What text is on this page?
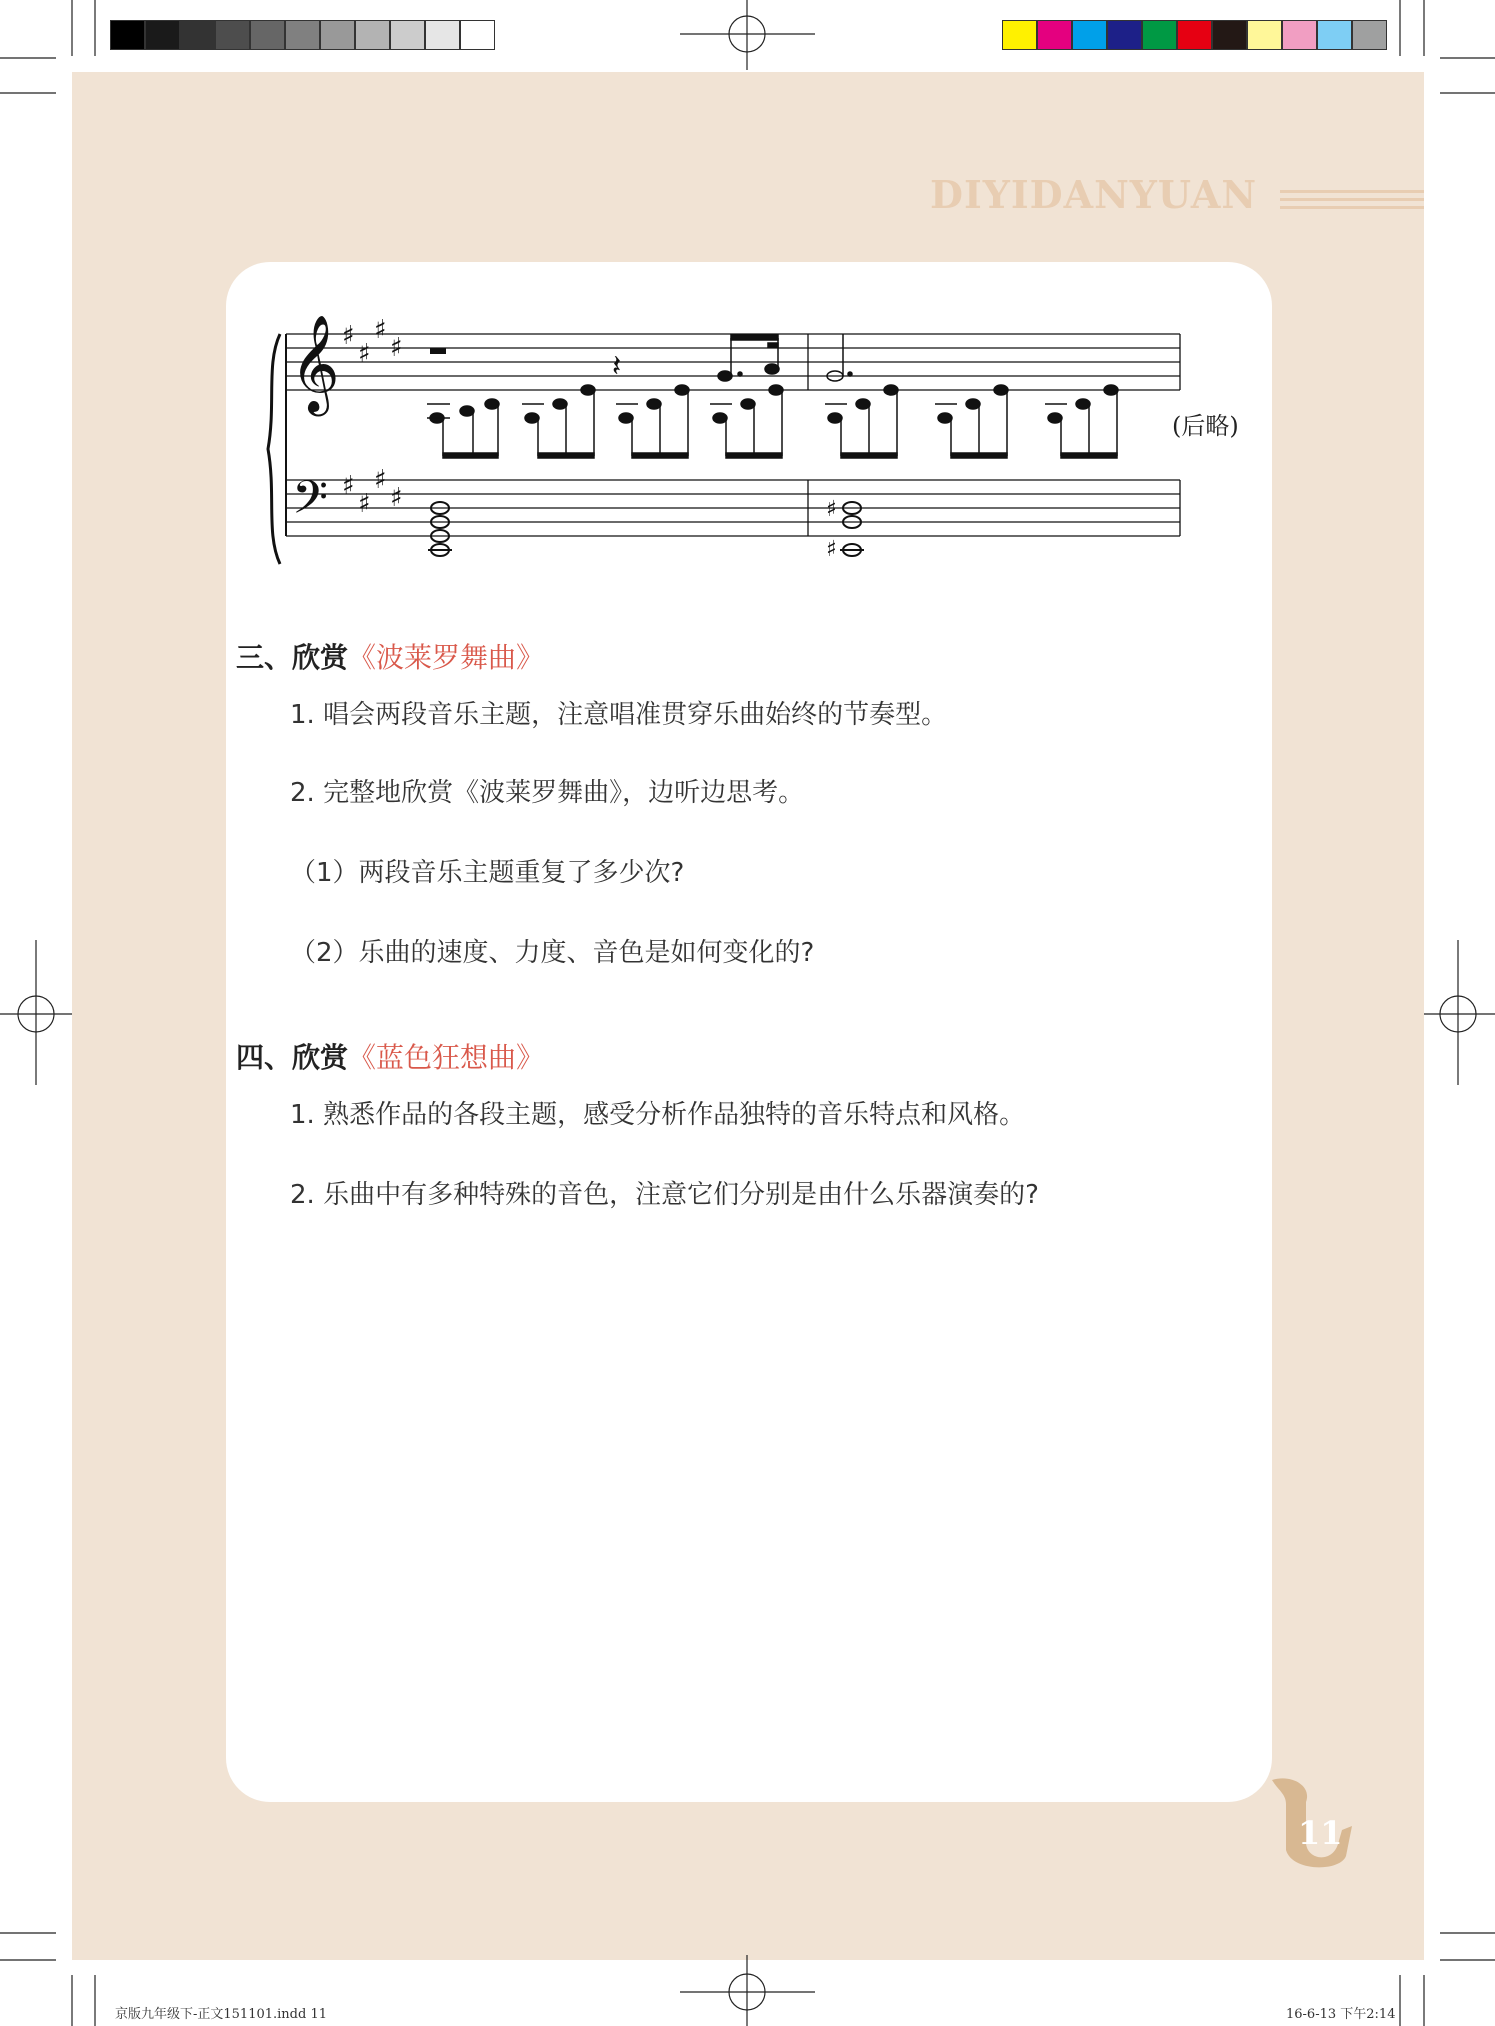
DIYIDANYUAN
𝄞
𝄢
♯
♯
♯
♯
♯
♯
♯
♯
𝄽
♯
♯
(后略)
三、欣赏《波莱罗舞曲》
1. 唱会两段音乐主题，注意唱准贯穿乐曲始终的节奏型。
2. 完整地欣赏《波莱罗舞曲》，边听边思考。
（1）两段音乐主题重复了多少次?
（2）乐曲的速度、力度、音色是如何变化的?
四、欣赏《蓝色狂想曲》
1. 熟悉作品的各段主题，感受分析作品独特的音乐特点和风格。
2. 乐曲中有多种特殊的音色，注意它们分别是由什么乐器演奏的?
11
京版九年级下-正文151101.indd 11	16-6-13 下午2:14
